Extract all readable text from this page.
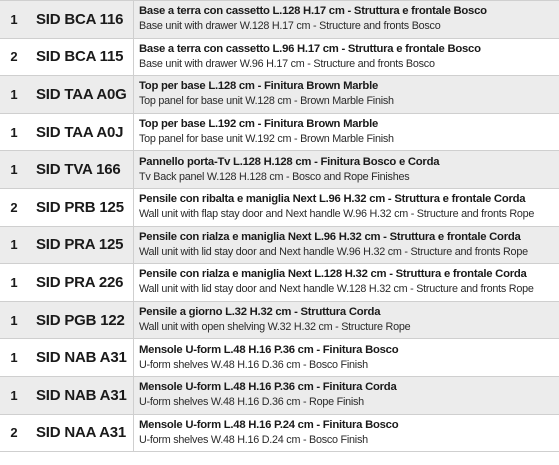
1	SID BCA 116	Base a terra con cassetto L.128 H.17 cm - Struttura e frontale Bosco
Base unit with drawer W.128 H.17 cm - Structure and fronts Bosco
2	SID BCA 115	Base a terra con cassetto L.96 H.17 cm - Struttura e frontale Bosco
Base unit with drawer W.96 H.17 cm - Structure and fronts Bosco
1	SID TAA A0G	Top per base L.128 cm - Finitura Brown Marble
Top panel for base unit W.128 cm - Brown Marble Finish
1	SID TAA A0J	Top per base L.192 cm - Finitura Brown Marble
Top panel for base unit W.192 cm - Brown Marble Finish
1	SID TVA 166	Pannello porta-Tv L.128 H.128 cm - Finitura Bosco e Corda
Tv Back panel W.128 H.128 cm - Bosco and Rope Finishes
2	SID PRB 125	Pensile con ribalta e maniglia Next L.96 H.32 cm - Struttura e frontale Corda
Wall unit with flap stay door and Next handle W.96 H.32 cm - Structure and fronts Rope
1	SID PRA 125	Pensile con rialza e maniglia Next L.96 H.32 cm - Struttura e frontale Corda
Wall unit with lid stay door and Next handle W.96 H.32 cm - Structure and fronts Rope
1	SID PRA 226	Pensile con rialza e maniglia Next L.128 H.32 cm - Struttura e frontale Corda
Wall unit with lid stay door and Next handle W.128 H.32 cm - Structure and fronts Rope
1	SID PGB 122	Pensile a giorno L.32 H.32 cm - Struttura Corda
Wall unit with open shelving W.32 H.32 cm - Structure Rope
1	SID NAB A31	Mensole U-form L.48 H.16 P.36 cm - Finitura Bosco
U-form shelves W.48 H.16 D.36 cm - Bosco Finish
1	SID NAB A31	Mensole U-form L.48 H.16 P.36 cm - Finitura Corda
U-form shelves W.48 H.16 D.36 cm - Rope Finish
2	SID NAA A31	Mensole U-form L.48 H.16 P.24 cm - Finitura Bosco
U-form shelves W.48 H.16 D.24 cm - Bosco Finish
